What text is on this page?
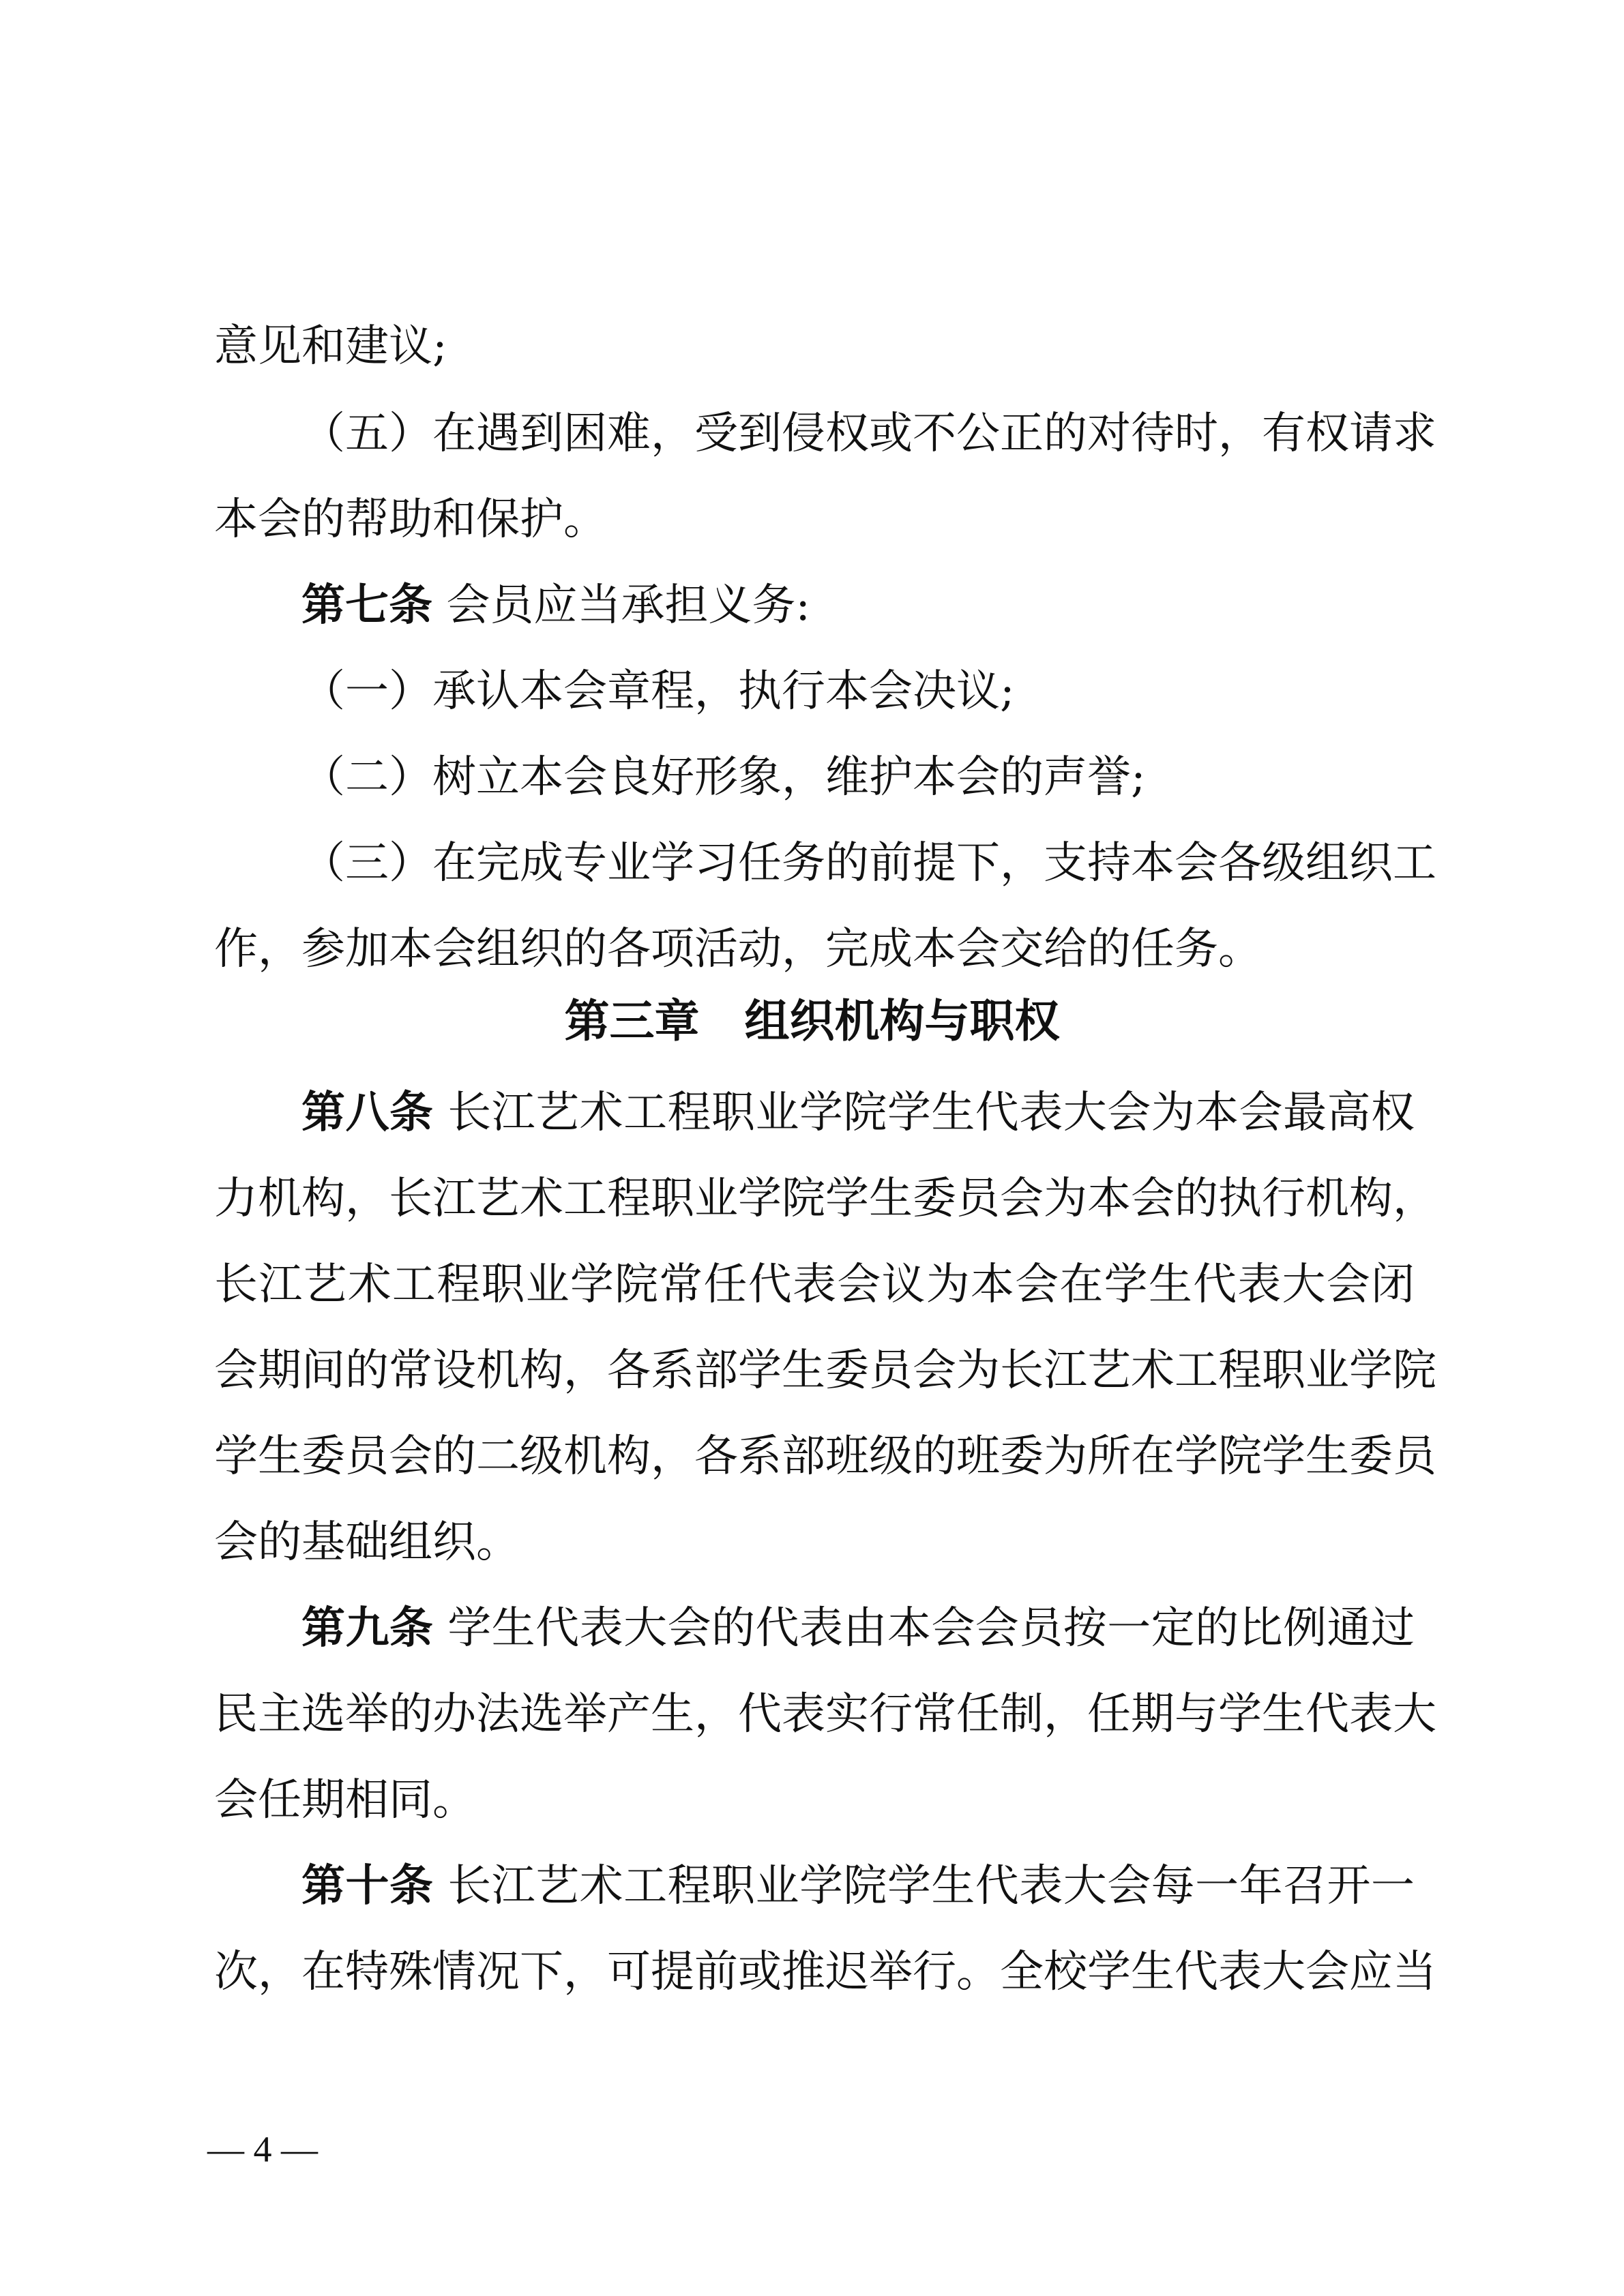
意见和建议;
（五）在遇到困难，受到侵权或不公正的对待时，有权请求
本会的帮助和保护。
第七条 会员应当承担义务:
（一）承认本会章程，执行本会决议;
（二）树立本会良好形象，维护本会的声誉;
（三）在完成专业学习任务的前提下，支持本会各级组织工
作，参加本会组织的各项活动，完成本会交给的任务。
第三章　组织机构与职权
第八条 长江艺术工程职业学院学生代表大会为本会最高权
力机构，长江艺术工程职业学院学生委员会为本会的执行机构，
长江艺术工程职业学院常任代表会议为本会在学生代表大会闭
会期间的常设机构，各系部学生委员会为长江艺术工程职业学院
学生委员会的二级机构，各系部班级的班委为所在学院学生委员
会的基础组织。
第九条 学生代表大会的代表由本会会员按一定的比例通过
民主选举的办法选举产生，代表实行常任制，任期与学生代表大
会任期相同。
第十条 长江艺术工程职业学院学生代表大会每一年召开一
次，在特殊情况下，可提前或推迟举行。全校学生代表大会应当
— 4 —
